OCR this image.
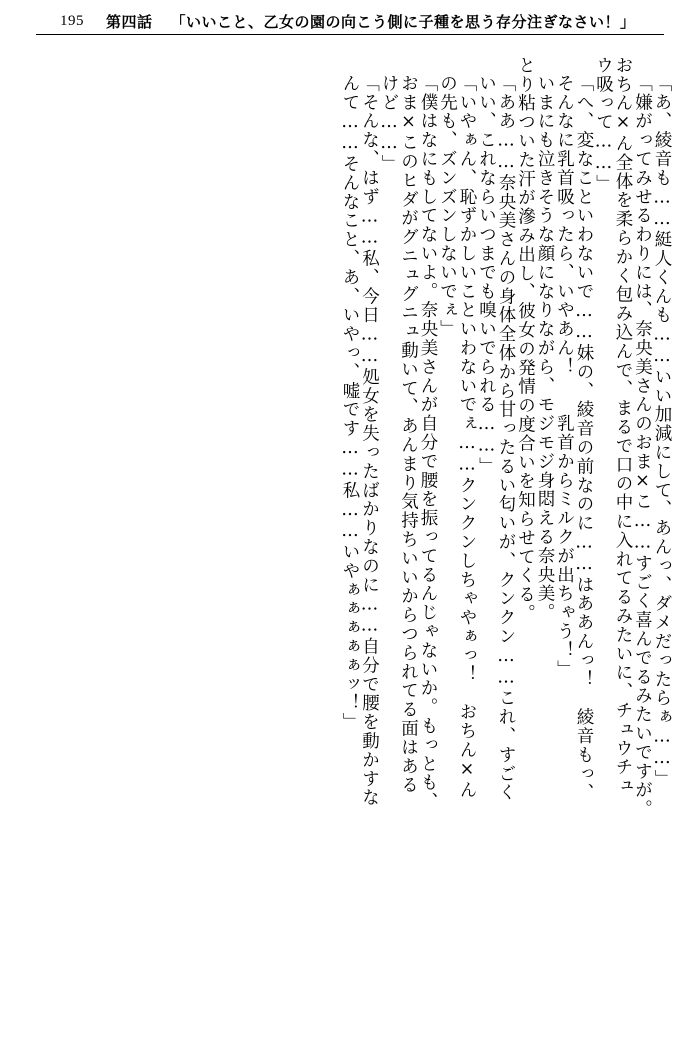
195 第四話 「いいこと、乙女の園の向こう側に子種を思う存分注ぎなさい！」
「あ、綾音も……綎人くんも……いい加減にして、あんっ、ダメだったらぁ……」
「嫌がってみせるわりには、奈央美さんのおま×こ……すごく喜んでるみたいですが。
おちん×ん全体を柔らかく包み込んで、まるで口の中に入れてるみたいに、チュウチュ
ウ吸って……」
「へ、変なこといわないで……妹の、綾音の前なのに……はああんっ！　綾音もっ、
そんなに乳首吸ったら、いやあん！　　乳首からミルクが出ちゃう！」
いまにも泣きそうな顔になりながら、モジモジ身悶える奈央美。
とり粘ついた汗が滲み出し、彼女の発情の度合いを知らせてくる。
「ああ……奈央美さんの身体全体から甘ったるい匂いが、クンクン……これ、すごく
いい、これならいつまでも嗅いでられる……」
「いやぁん、恥ずかしいこといわないでぇ……クンクンしちゃやぁっ！　おちん×ん
の先も、ズンズンしないでぇ」
「僕はなにもしてないよ。奈央美さんが自分で腰を振ってるんじゃないか。もっとも、
おま×このヒダがグニュグニュ動いて、あんまり気持ちいいからつられてる面はある
けど……」
「そんな、はず……私、今日……処女を失ったばかりなのに……自分で腰を動かすな
んて……そんなこと、あ、いやっ、嘘です……私……いやぁぁぁぁぁッ！」
